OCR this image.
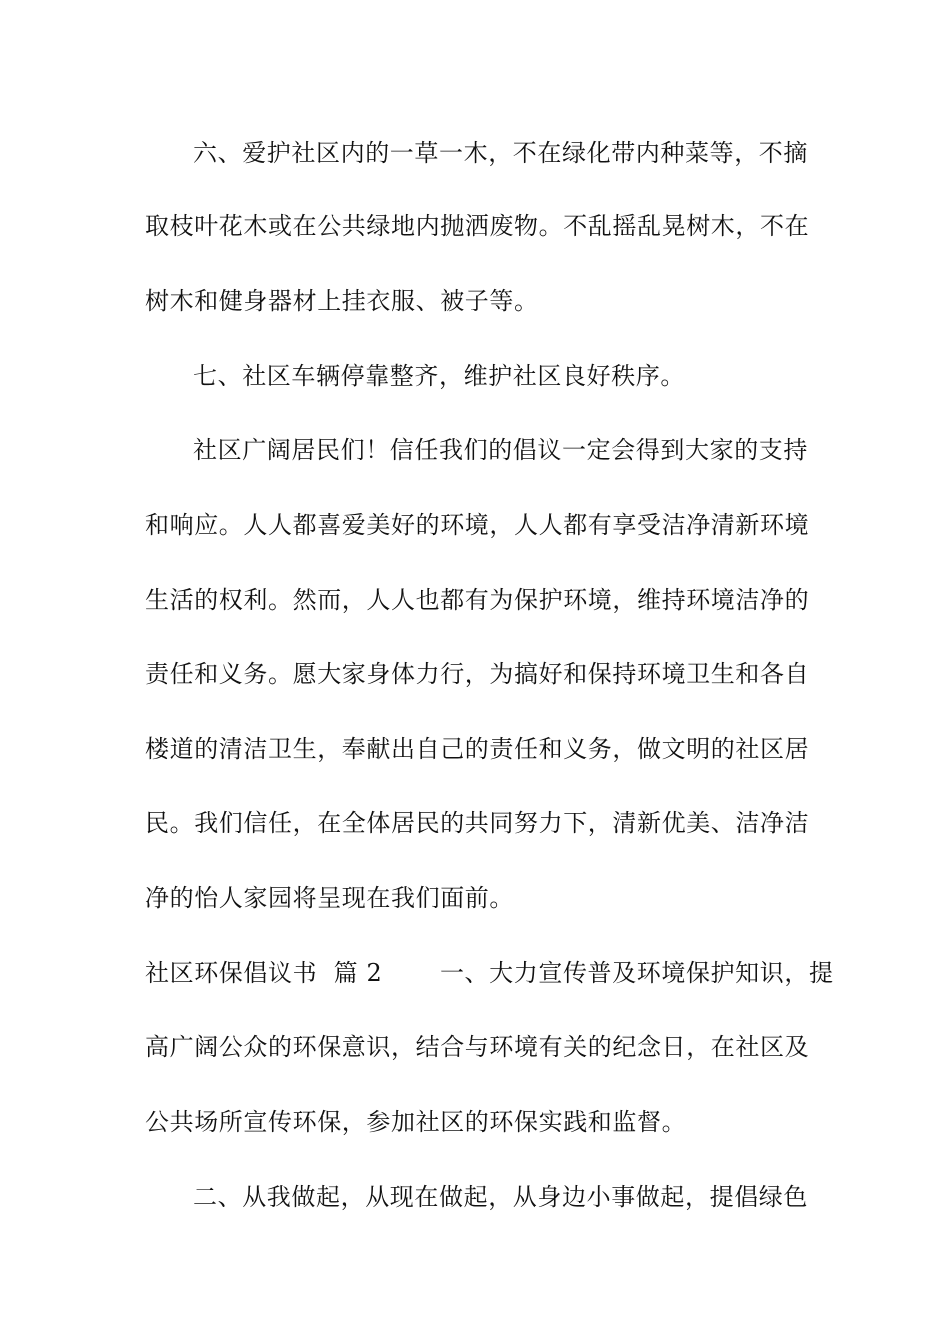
六、爱护社区内的一草一木，不在绿化带内种菜等，不摘
取枝叶花木或在公共绿地内抛洒废物。不乱摇乱晃树木，不在
树木和健身器材上挂衣服、被子等。
七、社区车辆停靠整齐，维护社区良好秩序。
社区广阔居民们！信任我们的倡议一定会得到大家的支持
和响应。人人都喜爱美好的环境，人人都有享受洁净清新环境
生活的权利。然而，人人也都有为保护环境，维持环境洁净的
责任和义务。愿大家身体力行，为搞好和保持环境卫生和各自
楼道的清洁卫生，奉献出自己的责任和义务，做文明的社区居
民。我们信任，在全体居民的共同努力下，清新优美、洁净洁
净的怡人家园将呈现在我们面前。
社区环保倡议书  篇 2       一、大力宣传普及环境保护知识，提
高广阔公众的环保意识，结合与环境有关的纪念日，在社区及
公共场所宣传环保，参加社区的环保实践和监督。
二、从我做起，从现在做起，从身边小事做起，提倡绿色
